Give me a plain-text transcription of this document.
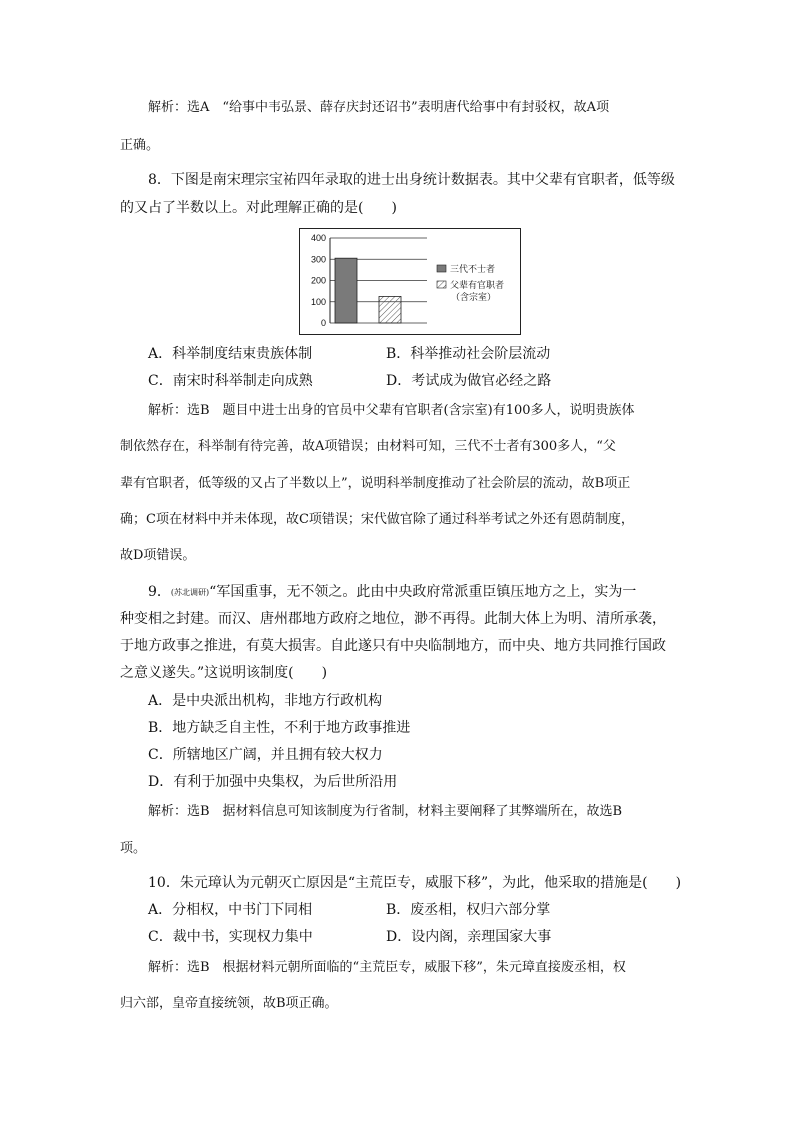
解析：选A　“给事中韦弘景、薛存庆封还诏书”表明唐代给事中有封驳权，故A项
正确。
8．下图是南宋理宗宝祐四年录取的进士出身统计数据表。其中父辈有官职者，低等级
的又占了半数以上。对此理解正确的是(　　)
0
100
200
300
400
三代不士者
父辈有官职者
（含宗室）
A．科举制度结束贵族体制	B．科举推动社会阶层流动
C．南宋时科举制走向成熟	D．考试成为做官必经之路
解析：选B　题目中进士出身的官员中父辈有官职者(含宗室)有100多人，说明贵族体
制依然存在，科举制有待完善，故A项错误；由材料可知，三代不士者有300多人，“父
辈有官职者，低等级的又占了半数以上”，说明科举制度推动了社会阶层的流动，故B项正
确；C项在材料中并未体现，故C项错误；宋代做官除了通过科举考试之外还有恩荫制度，
故D项错误。
9．(苏北调研)“军国重事，无不领之。此由中央政府常派重臣镇压地方之上，实为一
种变相之封建。而汉、唐州郡地方政府之地位，渺不再得。此制大体上为明、清所承袭，
于地方政事之推进，有莫大损害。自此遂只有中央临制地方，而中央、地方共同推行国政
之意义遂失。”这说明该制度(　　)
A．是中央派出机构，非地方行政机构
B．地方缺乏自主性，不利于地方政事推进
C．所辖地区广阔，并且拥有较大权力
D．有利于加强中央集权，为后世所沿用
解析：选B　据材料信息可知该制度为行省制，材料主要阐释了其弊端所在，故选B
项。
10．朱元璋认为元朝灭亡原因是“主荒臣专，威服下移”，为此，他采取的措施是(　　)
A．分相权，中书门下同相	B．废丞相，权归六部分掌
C．裁中书，实现权力集中	D．设内阁，亲理国家大事
解析：选B　根据材料元朝所面临的“主荒臣专，威服下移”，朱元璋直接废丞相，权
归六部，皇帝直接统领，故B项正确。
